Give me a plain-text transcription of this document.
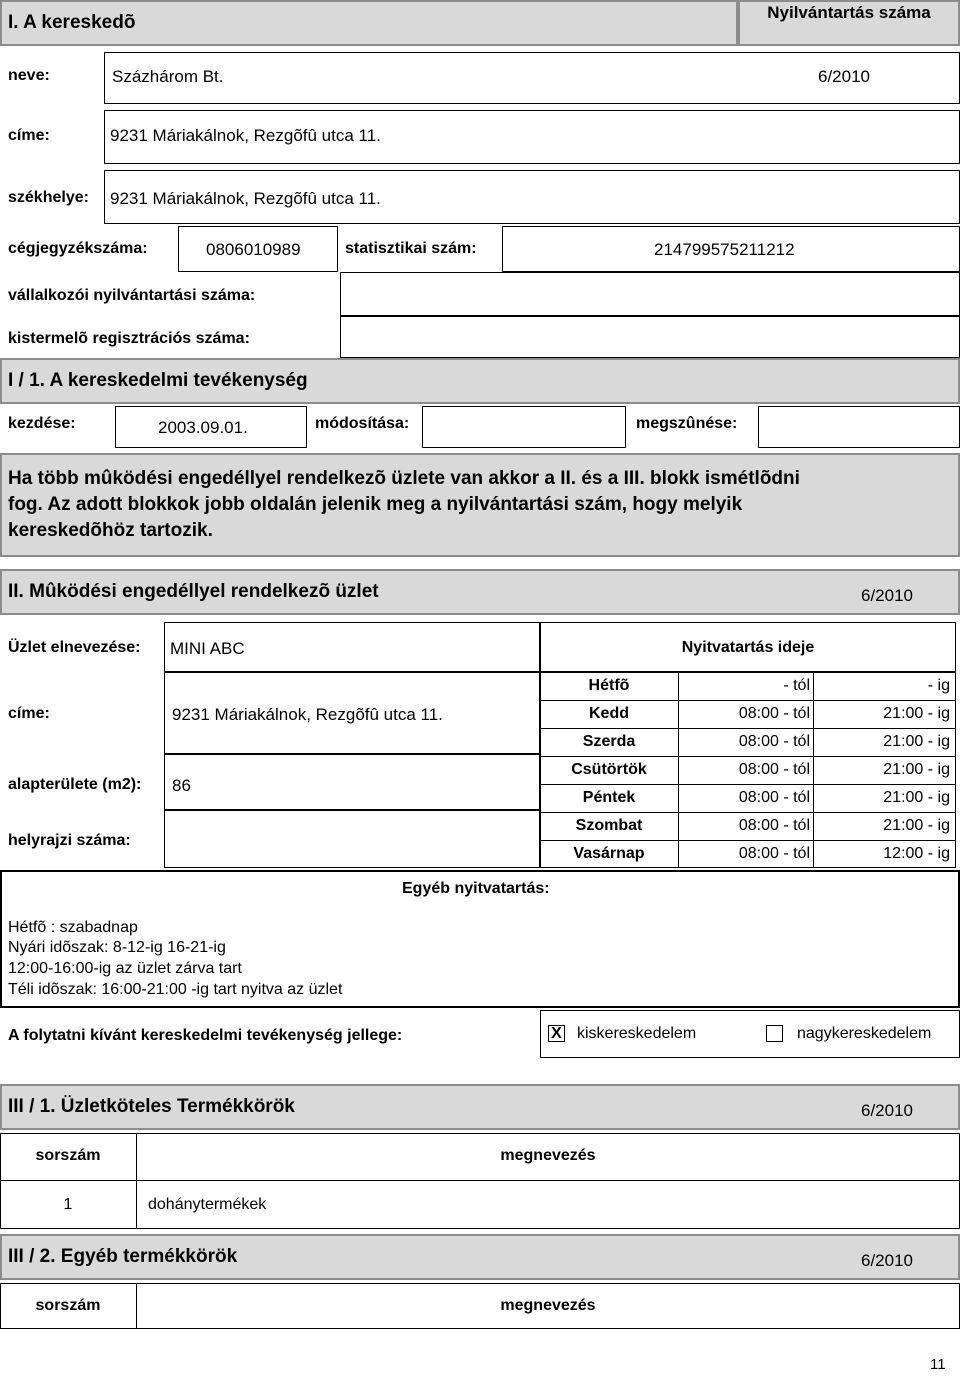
I. A kereskedõ	Nyilvántartás száma
neve:	Százhárom Bt.	6/2010
címe:	9231 Máriakálnok, Rezgõfû utca 11.
székhelye: 9231 Máriakálnok, Rezgõfû utca 11.
cégjegyzékszáma:	0806010989	statisztikai szám:	214799575211212
vállalkozói nyilvántartási száma:
kistermelõ regisztrációs száma:
I / 1. A kereskedelmi tevékenység
kezdése:	2003.09.01.	módosítása:	megszûnése:
Ha több mûködési engedéllyel rendelkezõ üzlete van akkor a II. és a III. blokk ismétlõdni
fog. Az adott blokkok jobb oldalán jelenik meg a nyilvántartási szám, hogy melyik
kereskedõhöz tartozik.
II. Mûködési engedéllyel rendelkezõ üzlet	6/2010
Üzlet elnevezése: MINI ABC	Nyitvatartás ideje
címe:	9231 Máriakálnok, Rezgõfû utca 11.
alapterülete (m2): 86
helyrajzi száma:
Hétfõ	- tól	- ig
Kedd	08:00 - tól	21:00 - ig
Szerda	08:00 - tól	21:00 - ig
Csütörtök	08:00 - tól	21:00 - ig
Péntek	08:00 - tól	21:00 - ig
Szombat	08:00 - tól	21:00 - ig
Vasárnap	08:00 - tól	12:00 - ig
Egyéb nyitvatartás:
Hétfõ : szabadnap
Nyári idõszak: 8-12-ig 16-21-ig
12:00-16:00-ig az üzlet zárva tart
Téli idõszak: 16:00-21:00 -ig tart nyitva az üzlet
A folytatni kívánt kereskedelmi tevékenység jellege:	X kiskereskedelem	nagykereskedelem
III / 1. Üzletköteles Termékkörök	6/2010
sorszám	megnevezés
1	dohánytermékek
III / 2. Egyéb termékkörök	6/2010
sorszám	megnevezés
11
